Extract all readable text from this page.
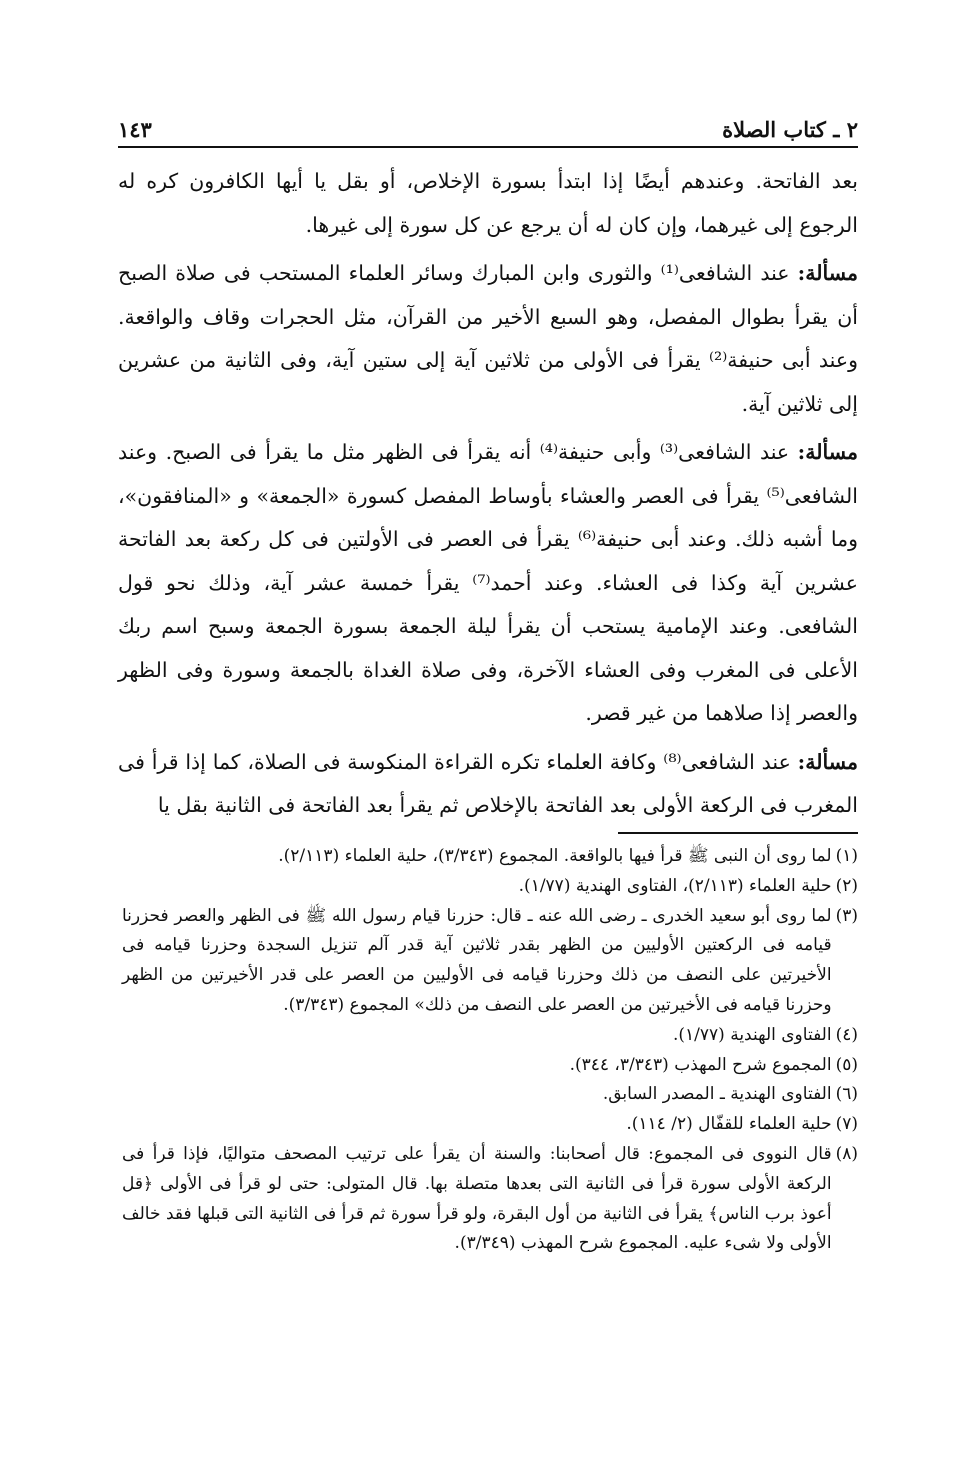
٢ ـ كتاب الصلاة
١٤٣

بعد الفاتحة. وعندهم أيضًا إذا ابتدأ بسورة الإخلاص، أو بقل يا أيها الكافرون كره له الرجوع إلى غيرهما، وإن كان له أن يرجع عن كل سورة إلى غيرها.

مسألة: عند الشافعى⁽¹⁾ والثورى وابن المبارك وسائر العلماء المستحب فى صلاة الصبح أن يقرأ بطوال المفصل، وهو السبع الأخير من القرآن، مثل الحجرات وقاف والواقعة. وعند أبى حنيفة⁽²⁾ يقرأ فى الأولى من ثلاثين آية إلى ستين آية، وفى الثانية من عشرين إلى ثلاثين آية.

مسألة: عند الشافعى⁽³⁾ وأبى حنيفة⁽⁴⁾ أنه يقرأ فى الظهر مثل ما يقرأ فى الصبح. وعند الشافعى⁽⁵⁾ يقرأ فى العصر والعشاء بأوساط المفصل كسورة «الجمعة» و «المنافقون»، وما أشبه ذلك. وعند أبى حنيفة⁽⁶⁾ يقرأ فى العصر فى الأولتين فى كل ركعة بعد الفاتحة عشرين آية وكذا فى العشاء. وعند أحمد⁽⁷⁾ يقرأ خمسة عشر آية، وذلك نحو قول الشافعى. وعند الإمامية يستحب أن يقرأ ليلة الجمعة بسورة الجمعة وسبح اسم ربك الأعلى فى المغرب وفى العشاء الآخرة، وفى صلاة الغداة بالجمعة وسورة وفى الظهر والعصر إذا صلاهما من غير قصر.

مسألة: عند الشافعى⁽⁸⁾ وكافة العلماء تكره القراءة المنكوسة فى الصلاة، كما إذا قرأ فى المغرب فى الركعة الأولى بعد الفاتحة بالإخلاص ثم يقرأ بعد الفاتحة فى الثانية بقل يا

(١)
لما روى أن النبى ﷺ قرأ فيها بالواقعة. المجموع (٣/٣٤٣)، حلية العلماء (٢/١١٣).

(٢)
حلية العلماء (٢/١١٣)، الفتاوى الهندية (١/٧٧).

(٣)
لما روى أبو سعيد الخدرى ـ رضى الله عنه ـ قال: حزرنا قيام رسول الله ﷺ فى الظهر والعصر فحزرنا قيامه فى الركعتين الأوليين من الظهر بقدر ثلاثين آية قدر آلم تنزيل السجدة وحزرنا قيامه فى الأخيرتين على النصف من ذلك وحزرنا قيامه فى الأوليين من العصر على قدر الأخيرتين من الظهر وحزرنا قيامه فى الأخيرتين من العصر على النصف من ذلك» المجموع (٣/٣٤٣).

(٤)
الفتاوى الهندية (١/٧٧).

(٥)
المجموع شرح المهذب (٣/٣٤٣، ٣٤٤).

(٦)
الفتاوى الهندية ـ المصدر السابق.

(٧)
حلية العلماء للقفّال (٢/ ١١٤).

(٨)
قال النووى فى المجموع: قال أصحابنا: والسنة أن يقرأ على ترتيب المصحف متواليًا، فإذا قرأ فى الركعة الأولى سورة قرأ فى الثانية التى بعدها متصلة بها. قال المتولى: حتى لو قرأ فى الأولى ﴿قل أعوذ برب الناس﴾ يقرأ فى الثانية من أول البقرة، ولو قرأ سورة ثم قرأ فى الثانية التى قبلها فقد خالف الأولى ولا شىء عليه. المجموع شرح المهذب (٣/٣٤٩).
